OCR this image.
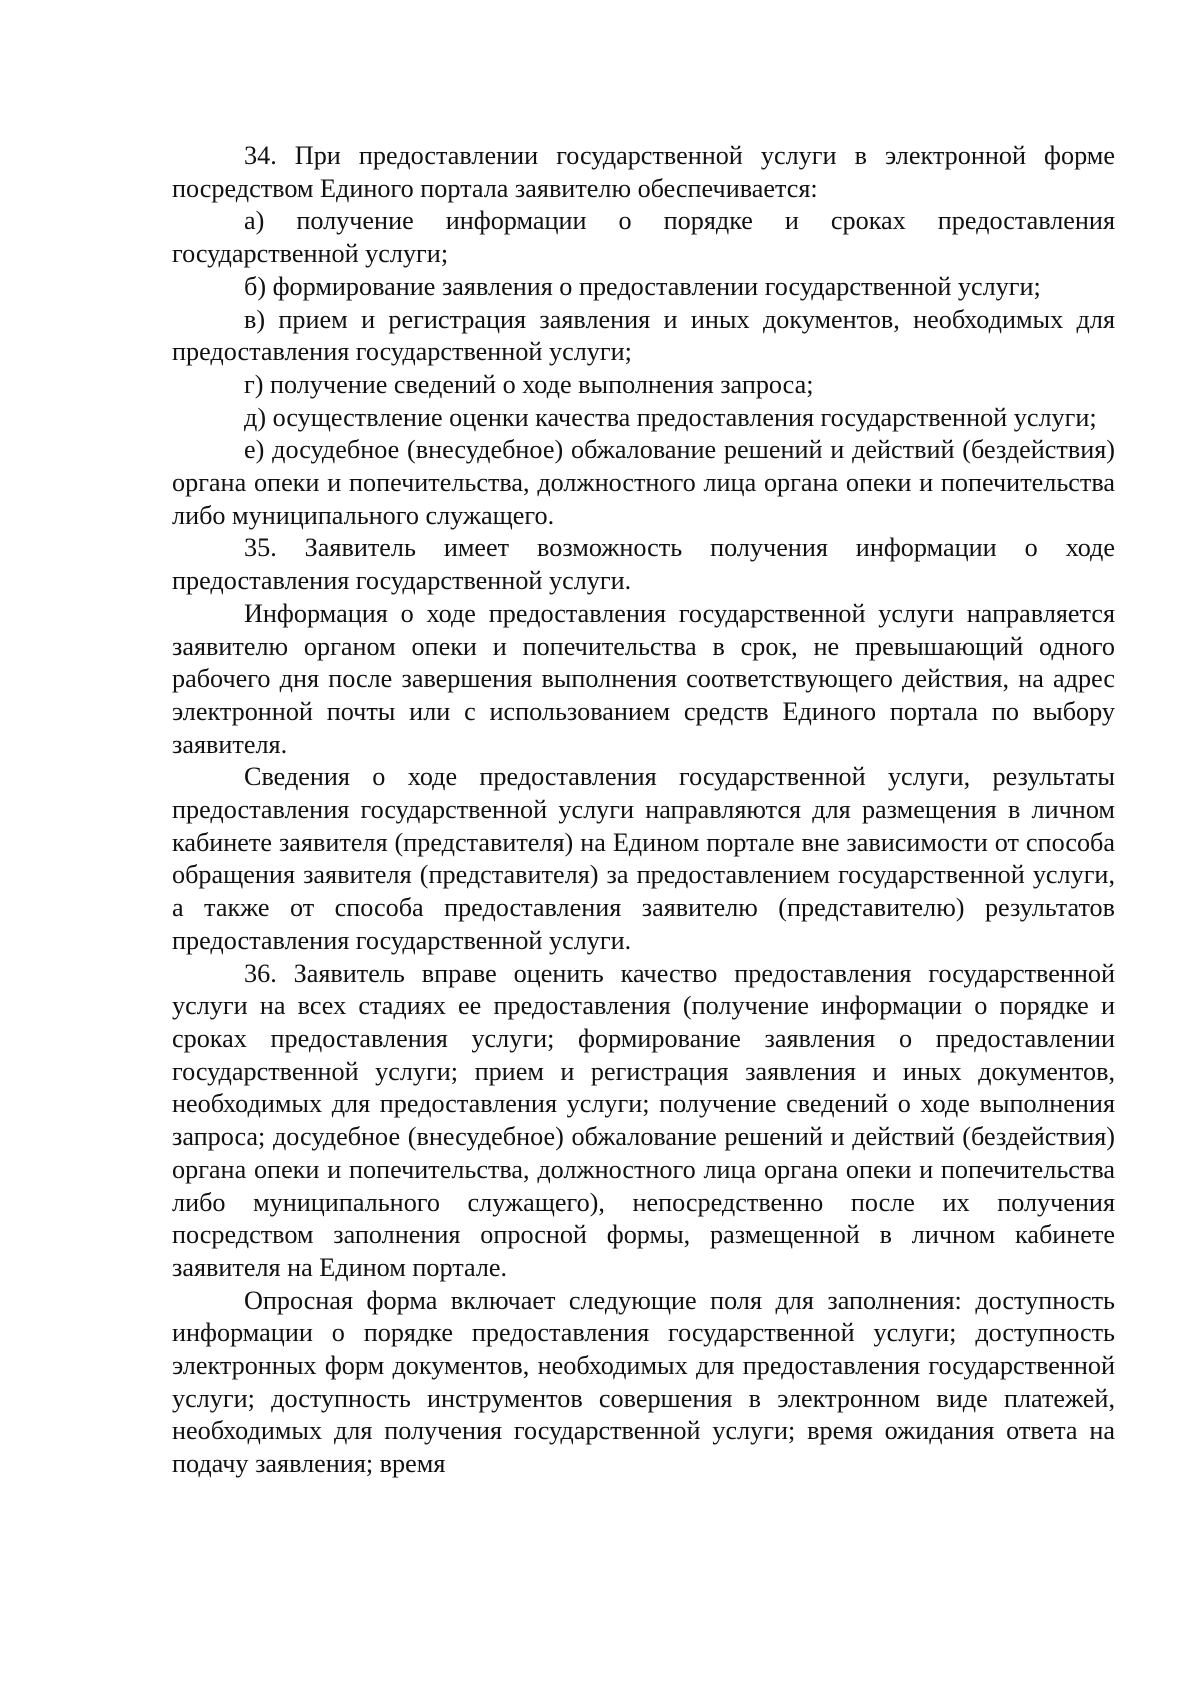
34. При предоставлении государственной услуги в электронной форме посредством Единого портала заявителю обеспечивается:

а) получение информации о порядке и сроках предоставления государственной услуги;

б) формирование заявления о предоставлении государственной услуги;

в) прием и регистрация заявления и иных документов, необходимых для предоставления государственной услуги;

г) получение сведений о ходе выполнения запроса;

д) осуществление оценки качества предоставления государственной услуги;

е) досудебное (внесудебное) обжалование решений и действий (бездействия) органа опеки и попечительства, должностного лица органа опеки и попечительства либо муниципального служащего.

35. Заявитель имеет возможность получения информации о ходе предоставления государственной услуги.

Информация о ходе предоставления государственной услуги направляется заявителю органом опеки и попечительства в срок, не превышающий одного рабочего дня после завершения выполнения соответствующего действия, на адрес электронной почты или с использованием средств Единого портала по выбору заявителя.

Сведения о ходе предоставления государственной услуги, результаты предоставления государственной услуги направляются для размещения в личном кабинете заявителя (представителя) на Едином портале вне зависимости от способа обращения заявителя (представителя) за предоставлением государственной услуги, а также от способа предоставления заявителю (представителю) результатов предоставления государственной услуги.

36. Заявитель вправе оценить качество предоставления государственной услуги на всех стадиях ее предоставления (получение информации о порядке и сроках предоставления услуги; формирование заявления о предоставлении государственной услуги; прием и регистрация заявления и иных документов, необходимых для предоставления услуги; получение сведений о ходе выполнения запроса; досудебное (внесудебное) обжалование решений и действий (бездействия) органа опеки и попечительства, должностного лица органа опеки и попечительства либо муниципального служащего), непосредственно после их получения посредством заполнения опросной формы, размещенной в личном кабинете заявителя на Едином портале.

Опросная форма включает следующие поля для заполнения: доступность информации о порядке предоставления государственной услуги; доступность электронных форм документов, необходимых для предоставления государственной услуги; доступность инструментов совершения в электронном виде платежей, необходимых для получения государственной услуги; время ожидания ответа на подачу заявления; время
